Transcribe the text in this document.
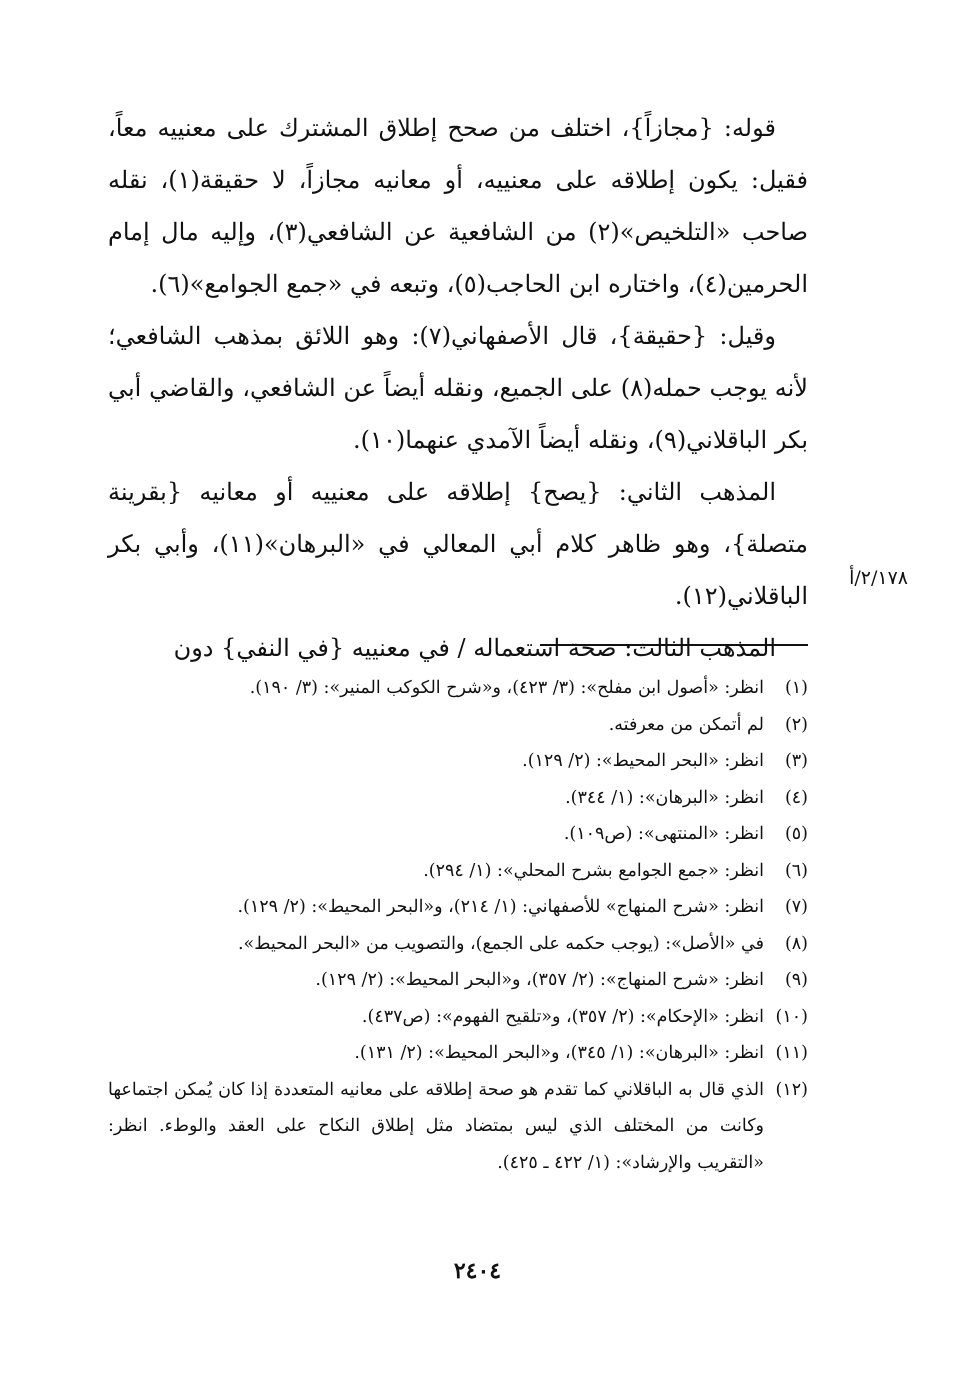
قوله: {مجازاً}، اختلف من صحح إطلاق المشترك على معنييه معاً، فقيل: يكون إطلاقه على معنييه، أو معانيه مجازاً، لا حقيقة(١)، نقله صاحب «التلخيص»(٢) من الشافعية عن الشافعي(٣)، وإليه مال إمام الحرمين(٤)، واختاره ابن الحاجب(٥)، وتبعه في «جمع الجوامع»(٦).

وقيل: {حقيقة}، قال الأصفهاني(٧): وهو اللائق بمذهب الشافعي؛ لأنه يوجب حمله(٨) على الجميع، ونقله أيضاً عن الشافعي، والقاضي أبي بكر الباقلاني(٩)، ونقله أيضاً الآمدي عنهما(١٠).

المذهب الثاني: {يصح} إطلاقه على معنييه أو معانيه {بقرينة متصلة}، وهو ظاهر كلام أبي المعالي في «البرهان»(١١)، وأبي بكر الباقلاني(١٢).

المذهب الثالث: صحة استعماله / في معنييه {في النفي} دون

٢/١٧٨/أ
(١)
انظر: «أصول ابن مفلح»: (٣/ ٤٢٣)، و«شرح الكوكب المنير»: (٣/ ١٩٠).
(٢)
لم أتمكن من معرفته.
(٣)
انظر: «البحر المحيط»: (٢/ ١٢٩).
(٤)
انظر: «البرهان»: (١/ ٣٤٤).
(٥)
انظر: «المنتهى»: (ص١٠٩).
(٦)
انظر: «جمع الجوامع بشرح المحلي»: (١/ ٢٩٤).
(٧)
انظر: «شرح المنهاج» للأصفهاني: (١/ ٢١٤)، و«البحر المحيط»: (٢/ ١٢٩).
(٨)
في «الأصل»: (يوجب حكمه على الجمع)، والتصويب من «البحر المحيط».
(٩)
انظر: «شرح المنهاج»: (٢/ ٣٥٧)، و«البحر المحيط»: (٢/ ١٢٩).
(١٠)
انظر: «الإحكام»: (٢/ ٣٥٧)، و«تلقيح الفهوم»: (ص٤٣٧).
(١١)
انظر: «البرهان»: (١/ ٣٤٥)، و«البحر المحيط»: (٢/ ١٣١).
(١٢)
الذي قال به الباقلاني كما تقدم هو صحة إطلاقه على معانيه المتعددة إذا كان يُمكن اجتماعها وكانت من المختلف الذي ليس بمتضاد مثل إطلاق النكاح على العقد والوطء. انظر: «التقريب والإرشاد»: (١/ ٤٢٢ ـ ٤٢٥).
٢٤٠٤
